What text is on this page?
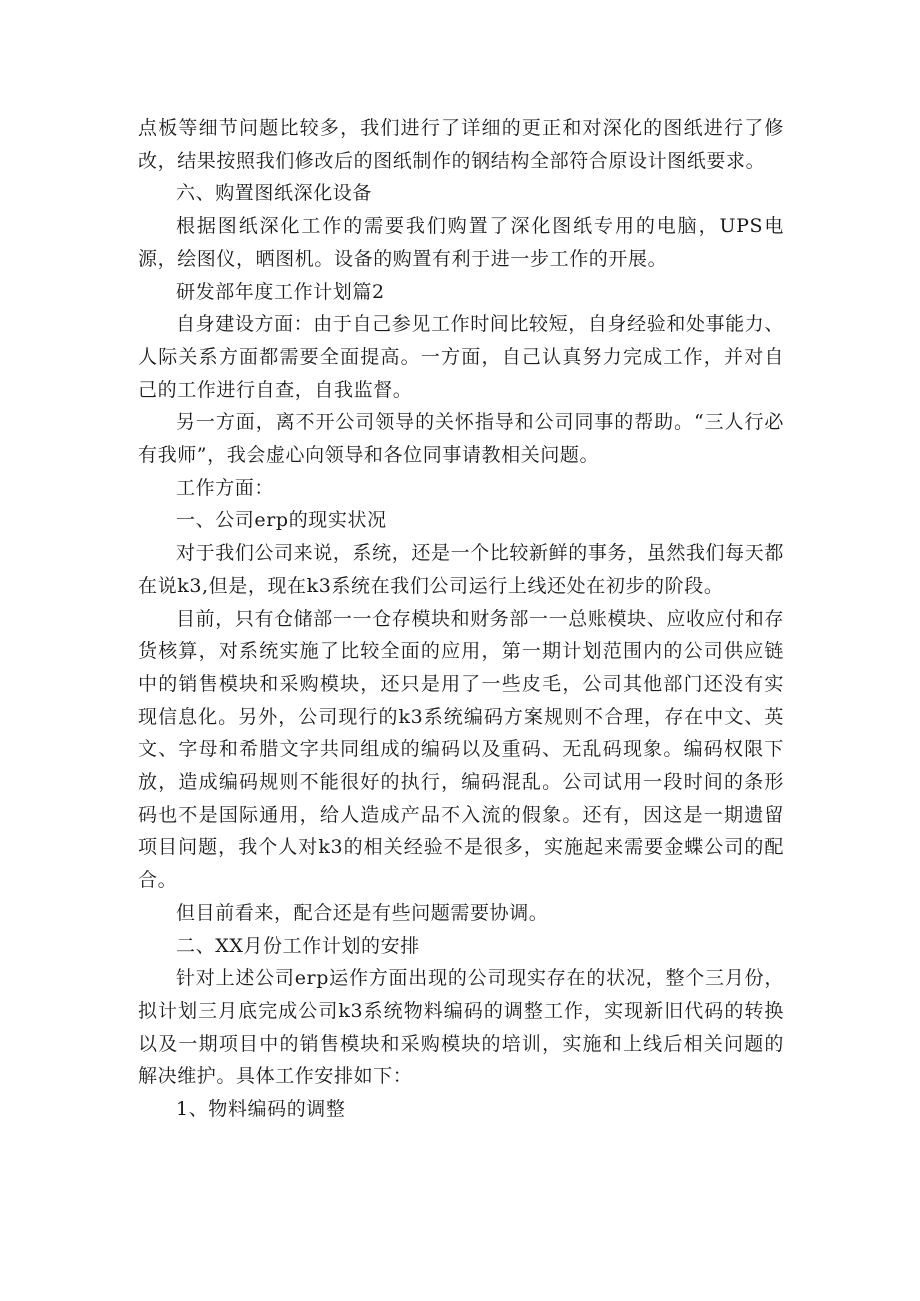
点板等细节问题比较多，我们进行了详细的更正和对深化的图纸进行了修改，结果按照我们修改后的图纸制作的钢结构全部符合原设计图纸要求。

六、购置图纸深化设备

根据图纸深化工作的需要我们购置了深化图纸专用的电脑，UPS电源，绘图仪，晒图机。设备的购置有利于进一步工作的开展。

研发部年度工作计划篇2

自身建设方面：由于自己参见工作时间比较短，自身经验和处事能力、人际关系方面都需要全面提高。一方面，自己认真努力完成工作，并对自己的工作进行自查，自我监督。

另一方面，离不开公司领导的关怀指导和公司同事的帮助。“三人行必有我师”，我会虚心向领导和各位同事请教相关问题。

工作方面：

一、公司erp的现实状况

对于我们公司来说，系统，还是一个比较新鲜的事务，虽然我们每天都在说k3,但是，现在k3系统在我们公司运行上线还处在初步的阶段。

目前，只有仓储部一一仓存模块和财务部一一总账模块、应收应付和存货核算，对系统实施了比较全面的应用，第一期计划范围内的公司供应链中的销售模块和采购模块，还只是用了一些皮毛，公司其他部门还没有实现信息化。另外，公司现行的k3系统编码方案规则不合理，存在中文、英文、字母和希腊文字共同组成的编码以及重码、无乱码现象。编码权限下放，造成编码规则不能很好的执行，编码混乱。公司试用一段时间的条形码也不是国际通用，给人造成产品不入流的假象。还有，因这是一期遗留项目问题，我个人对k3的相关经验不是很多，实施起来需要金蝶公司的配合。

但目前看来，配合还是有些问题需要协调。

二、XX月份工作计划的安排

针对上述公司erp运作方面出现的公司现实存在的状况，整个三月份，拟计划三月底完成公司k3系统物料编码的调整工作，实现新旧代码的转换以及一期项目中的销售模块和采购模块的培训，实施和上线后相关问题的解决维护。具体工作安排如下：

1、物料编码的调整
